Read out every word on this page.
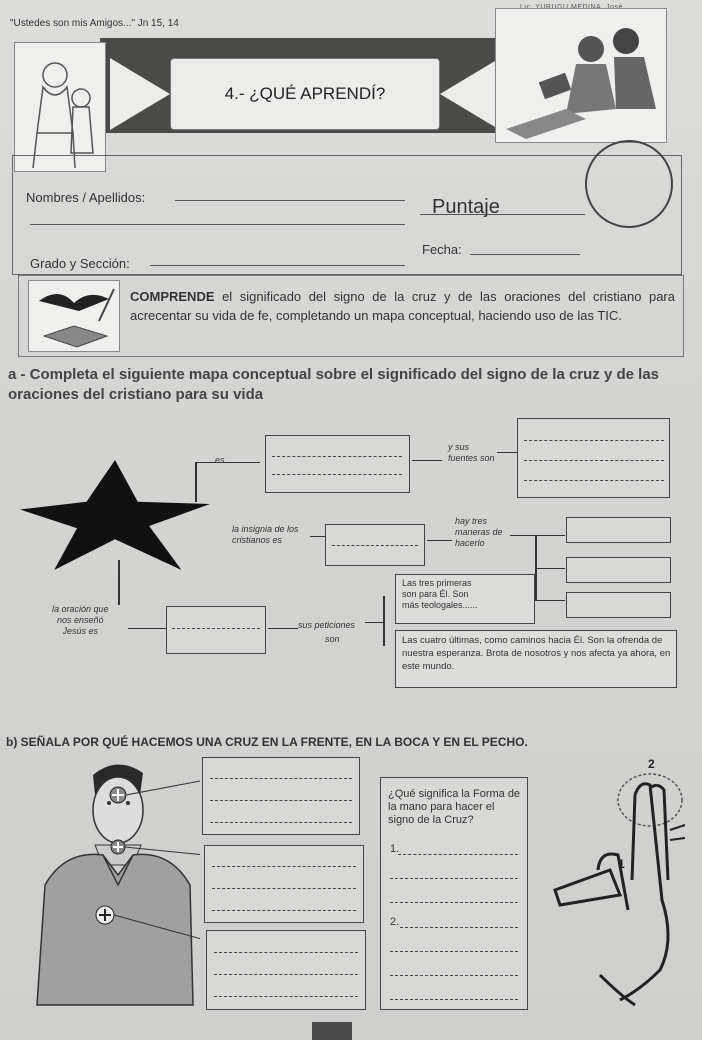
"Ustedes son mis Amigos..." Jn 15, 14
4.- ¿QUÉ APRENDÍ?
Nombres / Apellidos:	Puntaje
Grado y Sección:
Fecha:
COMPRENDE el significado del signo de la cruz y de las oraciones del cristiano para acrecentar su vida de fe, completando un mapa conceptual, haciendo uso de las TIC.
a - Completa el siguiente mapa conceptual sobre el significado del signo de la cruz y de las oraciones del cristiano para su vida
es
y sus
fuentes son
la insignia de los
cristianos es
hay tres
maneras de
hacerlo
la oración que
nos enseñó
Jesús es
sus peticiones
son
Las tres primeras
son para Él. Son
más teologales......
Las cuatro últimas, como caminos hacia Él. Son la ofrenda de nuestra esperanza. Brota de nosotros y nos afecta ya ahora, en este mundo.
b) SEÑALA POR QUÉ HACEMOS UNA CRUZ EN LA FRENTE, EN LA BOCA Y EN EL PECHO.
¿Qué significa la Forma de la mano para hacer el signo de la Cruz?
1.
2.
2
1
